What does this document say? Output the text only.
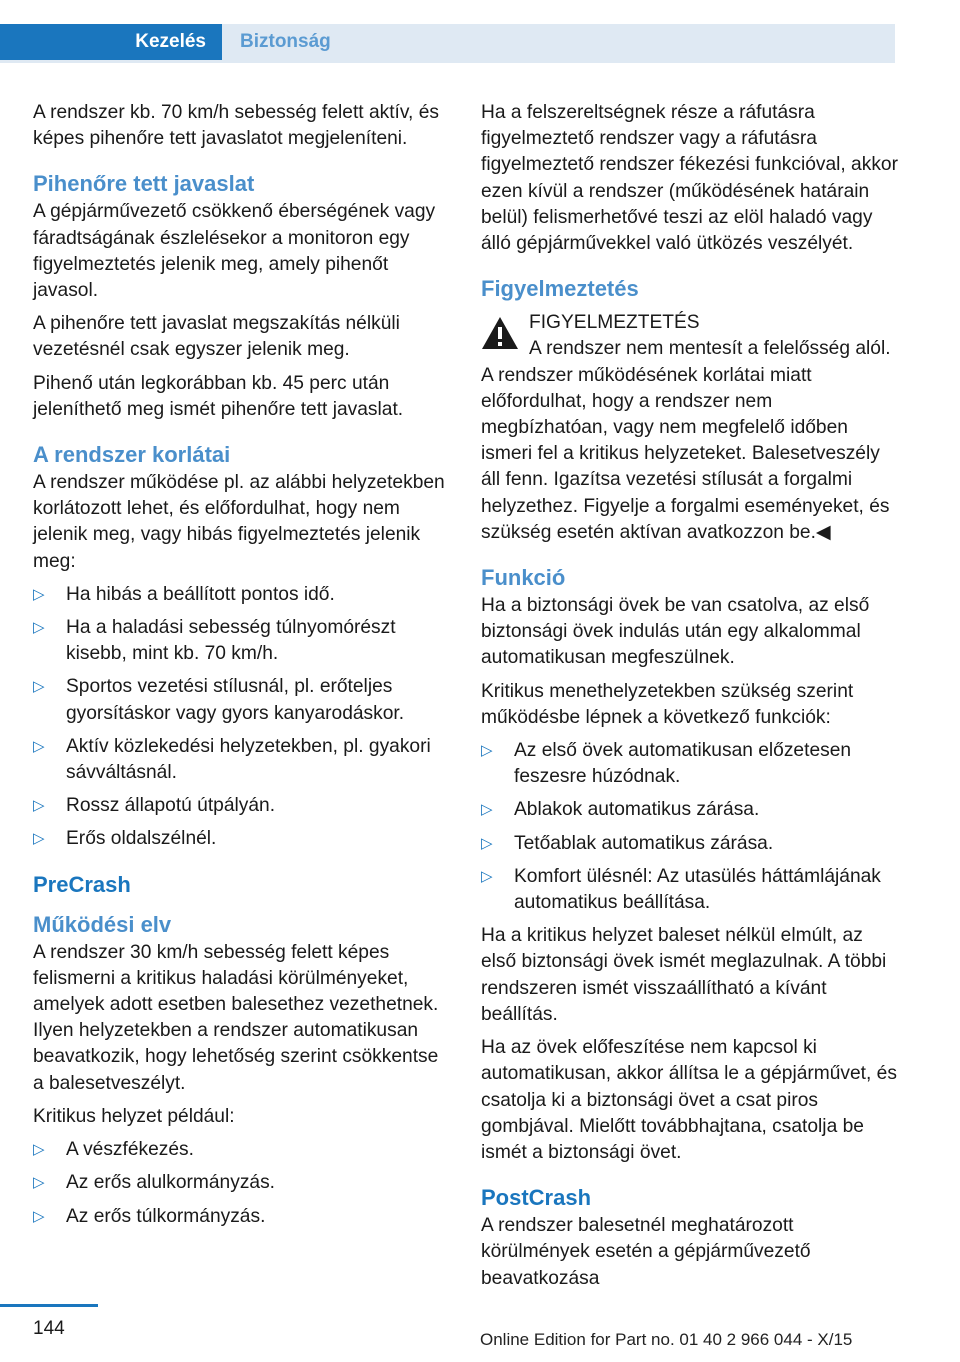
Kezelés	Biztonság

A rendszer kb. 70 km/h sebesség felett aktív, és képes pihenőre tett javaslatot megjeleníteni.

Pihenőre tett javaslat

A gépjárművezető csökkenő éberségének vagy fáradtságának észlelésekor a monitoron egy figyelmeztetés jelenik meg, amely pihenőt javasol.

A pihenőre tett javaslat megszakítás nélküli vezetésnél csak egyszer jelenik meg.

Pihenő után legkorábban kb. 45 perc után jeleníthető meg ismét pihenőre tett javaslat.

A rendszer korlátai

A rendszer működése pl. az alábbi helyzetekben korlátozott lehet, és előfordulhat, hogy nem jelenik meg, vagy hibás figyelmeztetés jelenik meg:

▷ Ha hibás a beállított pontos idő.
▷ Ha a haladási sebesség túlnyomórészt kisebb, mint kb. 70 km/h.
▷ Sportos vezetési stílusnál, pl. erőteljes gyorsításkor vagy gyors kanyarodáskor.
▷ Aktív közlekedési helyzetekben, pl. gyakori sávváltásnál.
▷ Rossz állapotú útpályán.
▷ Erős oldalszélnél.
PreCrash
Működési elv

A rendszer 30 km/h sebesség felett képes felismerni a kritikus haladási körülményeket, amelyek adott esetben balesethez vezethetnek. Ilyen helyzetekben a rendszer automatikusan beavatkozik, hogy lehetőség szerint csökkentse a balesetveszélyt.

Kritikus helyzet például:

▷ A vészfékezés.
▷ Az erős alulkormányzás.
▷ Az erős túlkormányzás.

Ha a felszereltségnek része a ráfutásra figyelmeztető rendszer vagy a ráfutásra figyelmeztető rendszer fékezési funkcióval, akkor ezen kívül a rendszer (működésének határain belül) felismerhetővé teszi az elöl haladó vagy álló gépjárművekkel való ütközés veszélyét.

Figyelmeztetés

FIGYELMEZTETÉS

A rendszer nem mentesít a felelősség alól. A rendszer működésének korlátai miatt előfordulhat, hogy a rendszer nem megbízhatóan, vagy nem megfelelő időben ismeri fel a kritikus helyzeteket. Balesetveszély áll fenn. Igazítsa vezetési stílusát a forgalmi helyzethez. Figyelje a forgalmi eseményeket, és szükség esetén aktívan avatkozzon be.◀

Funkció

Ha a biztonsági övek be van csatolva, az első biztonsági övek indulás után egy alkalommal automatikusan megfeszülnek.

Kritikus menethelyzetekben szükség szerint működésbe lépnek a következő funkciók:

▷ Az első övek automatikusan előzetesen feszesre húzódnak.
▷ Ablakok automatikus zárása.
▷ Tetőablak automatikus zárása.
▷ Komfort ülésnél: Az utasülés háttámlájának automatikus beállítása.

Ha a kritikus helyzet baleset nélkül elmúlt, az első biztonsági övek ismét meglazulnak. A többi rendszeren ismét visszaállítható a kívánt beállítás.

Ha az övek előfeszítése nem kapcsol ki automatikusan, akkor állítsa le a gépjárművet, és csatolja ki a biztonsági övet a csat piros gombjával. Mielőtt továbbhajtana, csatolja be ismét a biztonsági övet.

PostCrash

A rendszer balesetnél meghatározott körülmények esetén a gépjárművezető beavatkozása

144
Online Edition for Part no. 01 40 2 966 044 - X/15
